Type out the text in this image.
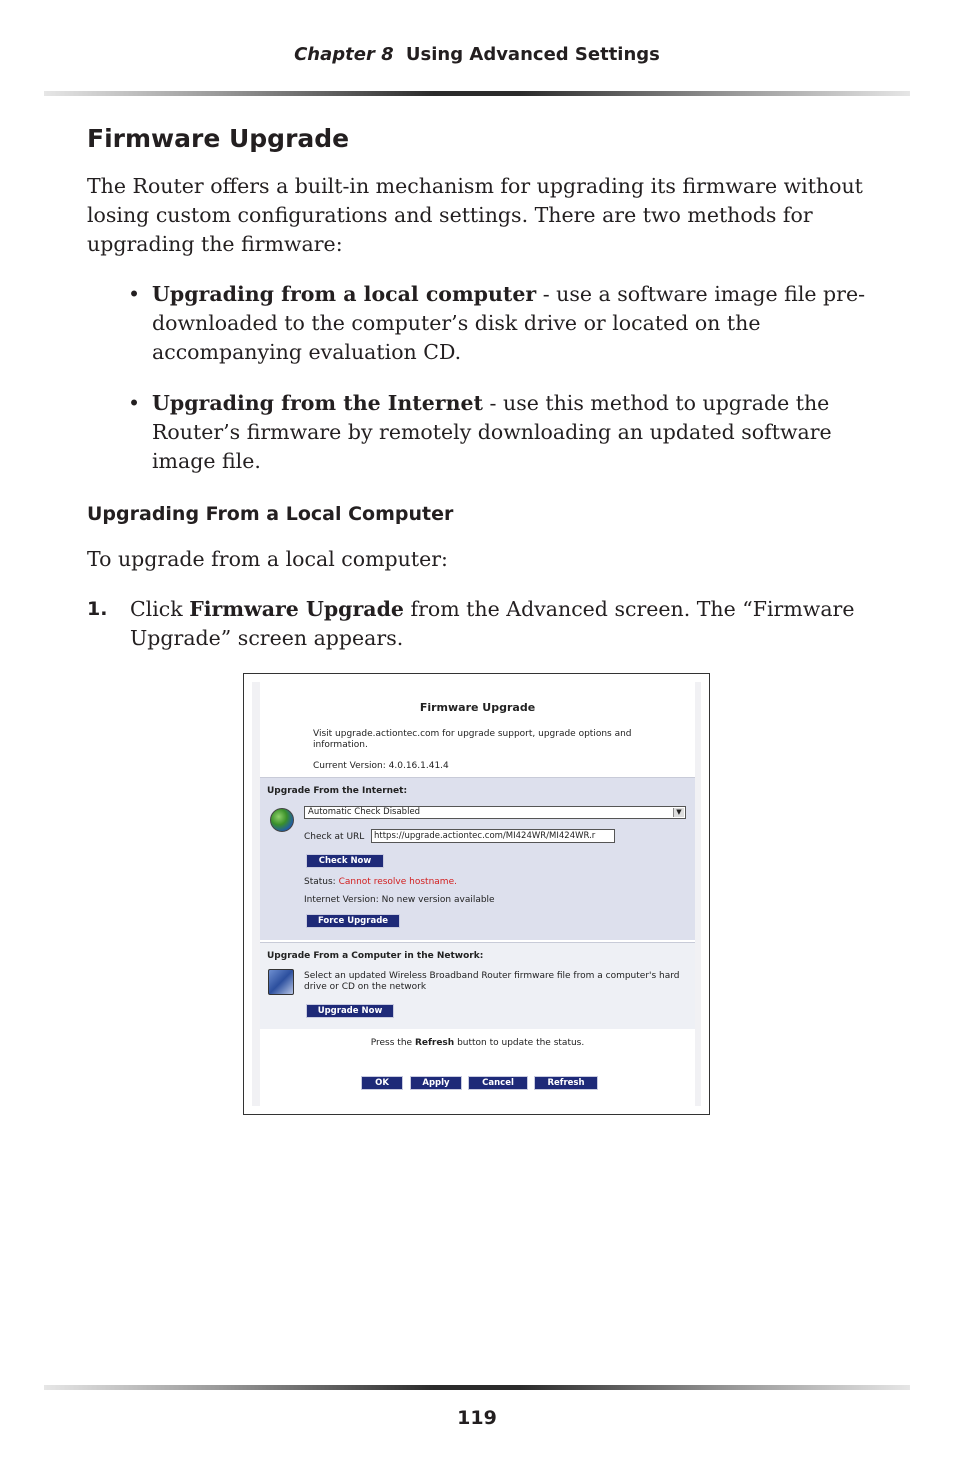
Chapter 8 Using Advanced Settings
Firmware Upgrade

The Router offers a built-in mechanism for upgrading its firmware without losing custom configurations and settings. There are two methods for upgrading the firmware:

• Upgrading from a local computer - use a software image file pre-downloaded to the computer’s disk drive or located on the accompanying evaluation CD.
• Upgrading from the Internet - use this method to upgrade the Router’s firmware by remotely downloading an updated software image file.
Upgrading From a Local Computer

To upgrade from a local computer:

1. Click Firmware Upgrade from the Advanced screen. The “Firmware Upgrade” screen appears.
Firmware Upgrade
Visit upgrade.actiontec.com for upgrade support, upgrade options and information.
Current Version: 4.0.16.1.41.4
Upgrade From the Internet:
Automatic Check Disabled	▼
Check at URL	https://upgrade.actiontec.com/MI424WR/MI424WR.r
Check Now
Status: Cannot resolve hostname.
Internet Version: No new version available
Force Upgrade
Upgrade From a Computer in the Network:
Select an updated Wireless Broadband Router firmware file from a computer's hard drive or CD on the network
Upgrade Now
Press the Refresh button to update the status.
OK	Apply	Cancel	Refresh
119
